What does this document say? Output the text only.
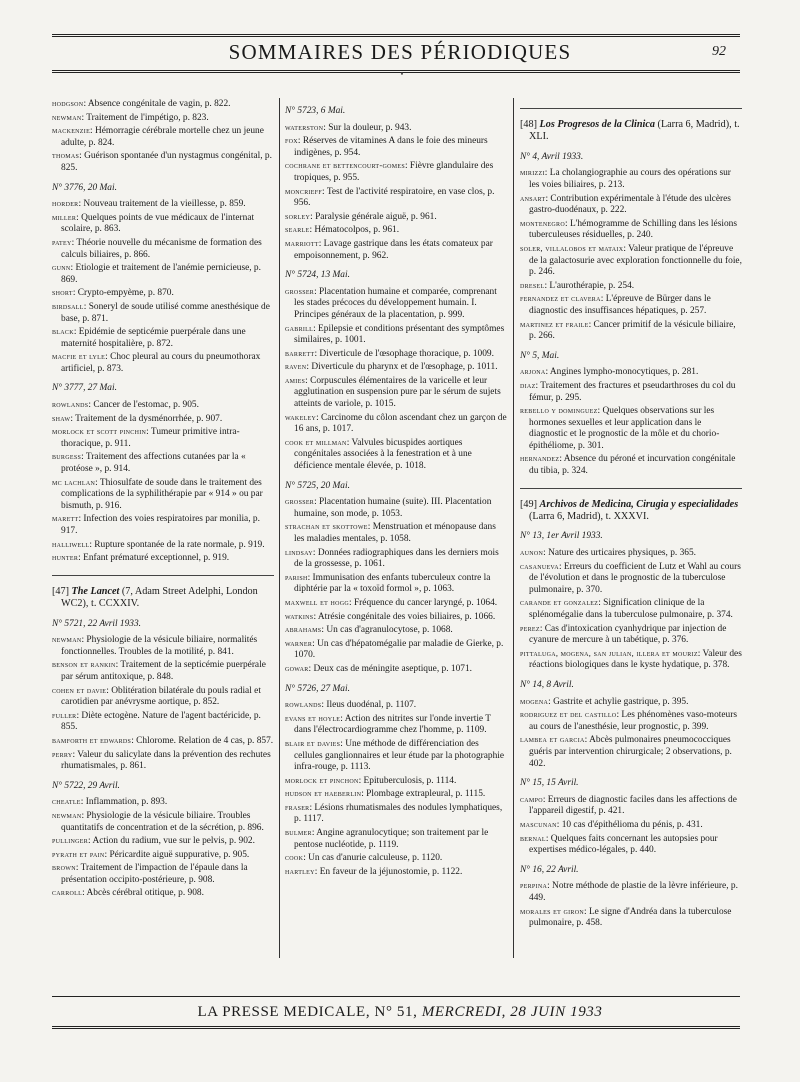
SOMMAIRES DES PÉRIODIQUES	92
•
hodgson: Absence congénitale de vagin, p. 822.
newman: Traitement de l'impétigo, p. 823.
mackenzie: Hémorragie cérébrale mortelle chez un jeune adulte, p. 824.
thomas: Guérison spontanée d'un nystagmus congénital, p. 825.
N° 3776, 20 Mai.
horder: Nouveau traitement de la vieillesse, p. 859.
miller: Quelques points de vue médicaux de l'internat scolaire, p. 863.
patey: Théorie nouvelle du mécanisme de formation des calculs biliaires, p. 866.
gunn: Etiologie et traitement de l'anémie pernicieuse, p. 869.
short: Crypto-empyème, p. 870.
birdsall: Soneryl de soude utilisé comme anesthésique de base, p. 871.
black: Epidémie de septicémie puerpérale dans une maternité hospitalière, p. 872.
macfie et lyle: Choc pleural au cours du pneumothorax artificiel, p. 873.
N° 3777, 27 Mai.
rowlands: Cancer de l'estomac, p. 905.
shaw: Traitement de la dysménorrhée, p. 907.
morlock et scott pinchin: Tumeur primitive intra-thoracique, p. 911.
burgess: Traitement des affections cutanées par la « protéose », p. 914.
mc lachlan: Thiosulfate de soude dans le traitement des complications de la syphilithérapie par « 914 » ou par bismuth, p. 916.
marett: Infection des voies respiratoires par monilia, p. 917.
halliwell: Rupture spontanée de la rate normale, p. 919.
hunter: Enfant prématuré exceptionnel, p. 919.
[47] The Lancet (7, Adam Street Adelphi, London WC2), t. CCXXIV.
N° 5721, 22 Avril 1933.
newman: Physiologie de la vésicule biliaire, normalités fonctionnelles. Troubles de la motilité, p. 841.
benson et rankin: Traitement de la septicémie puerpérale par sérum antitoxique, p. 848.
cohen et davie: Oblitération bilatérale du pouls radial et carotidien par anévrysme aortique, p. 852.
fuller: Diète ectogène. Nature de l'agent bactéricide, p. 855.
bamforth et edwards: Chlorome. Relation de 4 cas, p. 857.
perry: Valeur du salicylate dans la prévention des rechutes rhumatismales, p. 861.
N° 5722, 29 Avril.
cheatle: Inflammation, p. 893.
newman: Physiologie de la vésicule biliaire. Troubles quantitatifs de concentration et de la sécrétion, p. 896.
pullinger: Action du radium, vue sur le pelvis, p. 902.
pyrath et pain: Péricardite aiguë suppurative, p. 905.
brown: Traitement de l'impaction de l'épaule dans la présentation occipito-postérieure, p. 908.
carroll: Abcès cérébral otitique, p. 908.
N° 5723, 6 Mai.
waterston: Sur la douleur, p. 943.
fox: Réserves de vitamines A dans le foie des mineurs indigènes, p. 954.
cochrane et bettencourt-gomes: Fièvre glandulaire des tropiques, p. 955.
moncrieff: Test de l'activité respiratoire, en vase clos, p. 956.
sorley: Paralysie générale aiguë, p. 961.
searle: Hématocolpos, p. 961.
marriott: Lavage gastrique dans les états comateux par empoisonnement, p. 962.
N° 5724, 13 Mai.
grosser: Placentation humaine et comparée, comprenant les stades précoces du développement humain. I. Principes généraux de la placentation, p. 999.
gabrill: Epilepsie et conditions présentant des symptômes similaires, p. 1001.
barrett: Diverticule de l'œsophage thoracique, p. 1009.
raven: Diverticule du pharynx et de l'œsophage, p. 1011.
amies: Corpuscules élémentaires de la varicelle et leur agglutination en suspension pure par le sérum de sujets atteints de variole, p. 1015.
wakeley: Carcinome du côlon ascendant chez un garçon de 16 ans, p. 1017.
cook et millman: Valvules bicuspides aortiques congénitales associées à la fenestration et à une déficience mentale élevée, p. 1018.
N° 5725, 20 Mai.
grosser: Placentation humaine (suite). III. Placentation humaine, son mode, p. 1053.
strachan et skottowe: Menstruation et ménopause dans les maladies mentales, p. 1058.
lindsay: Données radiographiques dans les derniers mois de la grossesse, p. 1061.
parish: Immunisation des enfants tuberculeux contre la diphtérie par la « toxoïd formol », p. 1063.
maxwell et hogg: Fréquence du cancer laryngé, p. 1064.
watkins: Atrésie congénitale des voies biliaires, p. 1066.
abrahams: Un cas d'agranulocytose, p. 1068.
warner: Un cas d'hépatomégalie par maladie de Gierke, p. 1070.
gowar: Deux cas de méningite aseptique, p. 1071.
N° 5726, 27 Mai.
rowlands: Ileus duodénal, p. 1107.
evans et hoyle: Action des nitrites sur l'onde invertie T dans l'électrocardiogramme chez l'homme, p. 1109.
blair et davies: Une méthode de différenciation des cellules ganglionnaires et leur étude par la photographie infra-rouge, p. 1113.
morlock et pinchon: Epituberculosis, p. 1114.
hudson et haeberlin: Plombage extrapleural, p. 1115.
fraser: Lésions rhumatismales des nodules lymphatiques, p. 1117.
bulmer: Angine agranulocytique; son traitement par le pentose nucléotide, p. 1119.
cook: Un cas d'anurie calculeuse, p. 1120.
hartley: En faveur de la jéjunostomie, p. 1122.
[48] Los Progresos de la Clinica (Larra 6, Madrid), t. XLI.
N° 4, Avril 1933.
mirizzi: La cholangiographie au cours des opérations sur les voies biliaires, p. 213.
ansart: Contribution expérimentale à l'étude des ulcères gastro-duodénaux, p. 222.
montenegro: L'hémogramme de Schilling dans les lésions tuberculeuses résiduelles, p. 240.
soler, villalobos et mataix: Valeur pratique de l'épreuve de la galactosurie avec exploration fonctionnelle du foie, p. 246.
dresel: L'aurothérapie, p. 254.
fernandez et clavera: L'épreuve de Bürger dans le diagnostic des insuffisances hépatiques, p. 257.
martinez et fraile: Cancer primitif de la vésicule biliaire, p. 266.
N° 5, Mai.
arjona: Angines lympho-monocytiques, p. 281.
diaz: Traitement des fractures et pseudarthroses du col du fémur, p. 295.
rebello y dominguez: Quelques observations sur les hormones sexuelles et leur application dans le diagnostic et le prognostic de la môle et du chorio-épithéliome, p. 301.
hernandez: Absence du péroné et incurvation congénitale du tibia, p. 324.
[49] Archivos de Medicina, Cirugia y especialidades (Larra 6, Madrid), t. XXXVI.
N° 13, 1er Avril 1933.
aunon: Nature des urticaires physiques, p. 365.
casanueva: Erreurs du coefficient de Lutz et Wahl au cours de l'évolution et dans le prognostic de la tuberculose pulmonaire, p. 370.
carande et gonzalez: Signification clinique de la splénomégalie dans la tuberculose pulmonaire, p. 374.
perez: Cas d'intoxication cyanhydrique par injection de cyanure de mercure à un tabétique, p. 376.
pittaluga, mogena, san julian, illera et mouriz: Valeur des réactions biologiques dans le kyste hydatique, p. 378.
N° 14, 8 Avril.
mogena: Gastrite et achylie gastrique, p. 395.
rodriguez et del castillo: Les phénomènes vaso-moteurs au cours de l'anesthésie, leur prognostic, p. 399.
lambea et garcia: Abcès pulmonaires pneumococciques guéris par intervention chirurgicale; 2 observations, p. 402.
N° 15, 15 Avril.
campo: Erreurs de diagnostic faciles dans les affections de l'appareil digestif, p. 421.
mascunan: 10 cas d'épithélioma du pénis, p. 431.
bernal: Quelques faits concernant les autopsies pour expertises médico-légales, p. 440.
N° 16, 22 Avril.
perpina: Notre méthode de plastie de la lèvre inférieure, p. 449.
morales et giron: Le signe d'Andréa dans la tuberculose pulmonaire, p. 458.
LA PRESSE MEDICALE, N° 51, MERCREDI, 28 JUIN 1933
